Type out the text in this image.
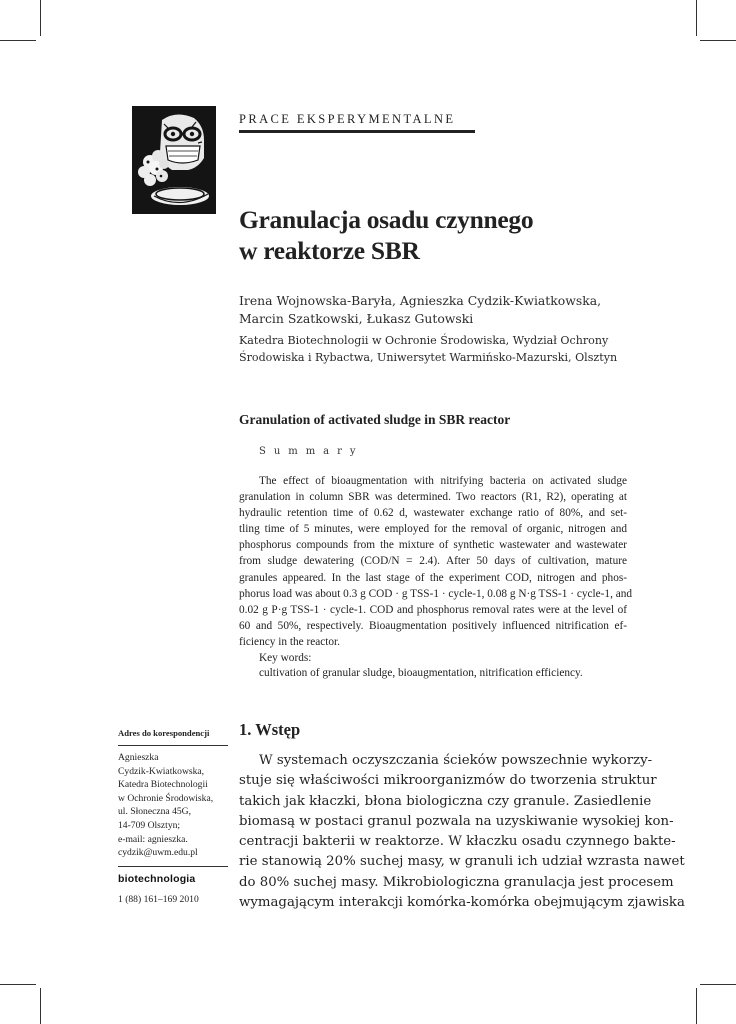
PRACE EKSPERYMENTALNE
Granulacja osadu czynnego
w reaktorze SBR
Irena Wojnowska-Baryła, Agnieszka Cydzik-Kwiatkowska,
Marcin Szatkowski, Łukasz Gutowski
Katedra Biotechnologii w Ochronie Środowiska, Wydział Ochrony
Środowiska i Rybactwa, Uniwersytet Warmińsko-Mazurski, Olsztyn
Granulation of activated sludge in SBR reactor
S u m m a r y
The effect of bioaugmentation with nitrifying bacteria on activated sludge
granulation in column SBR was determined. Two reactors (R1, R2), operating at
hydraulic retention time of 0.62 d, wastewater exchange ratio of 80%, and set-
tling time of 5 minutes, were employed for the removal of organic, nitrogen and
phosphorus compounds from the mixture of synthetic wastewater and wastewater
from sludge dewatering (COD/N = 2.4). After 50 days of cultivation, mature
granules appeared. In the last stage of the experiment COD, nitrogen and phos-
phorus load was about 0.3 g COD · g TSS-1 · cycle-1, 0.08 g N·g TSS-1 · cycle-1, and
0.02 g P·g TSS-1 · cycle-1. COD and phosphorus removal rates were at the level of
60 and 50%, respectively. Bioaugmentation positively influenced nitrification ef-
ficiency in the reactor.
Key words:
cultivation of granular sludge, bioaugmentation, nitrification efficiency.
Adres do korespondencji
Agnieszka
Cydzik-Kwiatkowska,
Katedra Biotechnologii
w Ochronie Środowiska,
ul. Słoneczna 45G,
14-709 Olsztyn;
e-mail: agnieszka.
cydzik@uwm.edu.pl
biotechnologia
1 (88) 161–169 2010
1. Wstęp
W systemach oczyszczania ścieków powszechnie wykorzy-
stuje się właściwości mikroorganizmów do tworzenia struktur
takich jak kłaczki, błona biologiczna czy granule. Zasiedlenie
biomasą w postaci granul pozwala na uzyskiwanie wysokiej kon-
centracji bakterii w reaktorze. W kłaczku osadu czynnego bakte-
rie stanowią 20% suchej masy, w granuli ich udział wzrasta nawet
do 80% suchej masy. Mikrobiologiczna granulacja jest procesem
wymagającym interakcji komórka-komórka obejmującym zjawiska
